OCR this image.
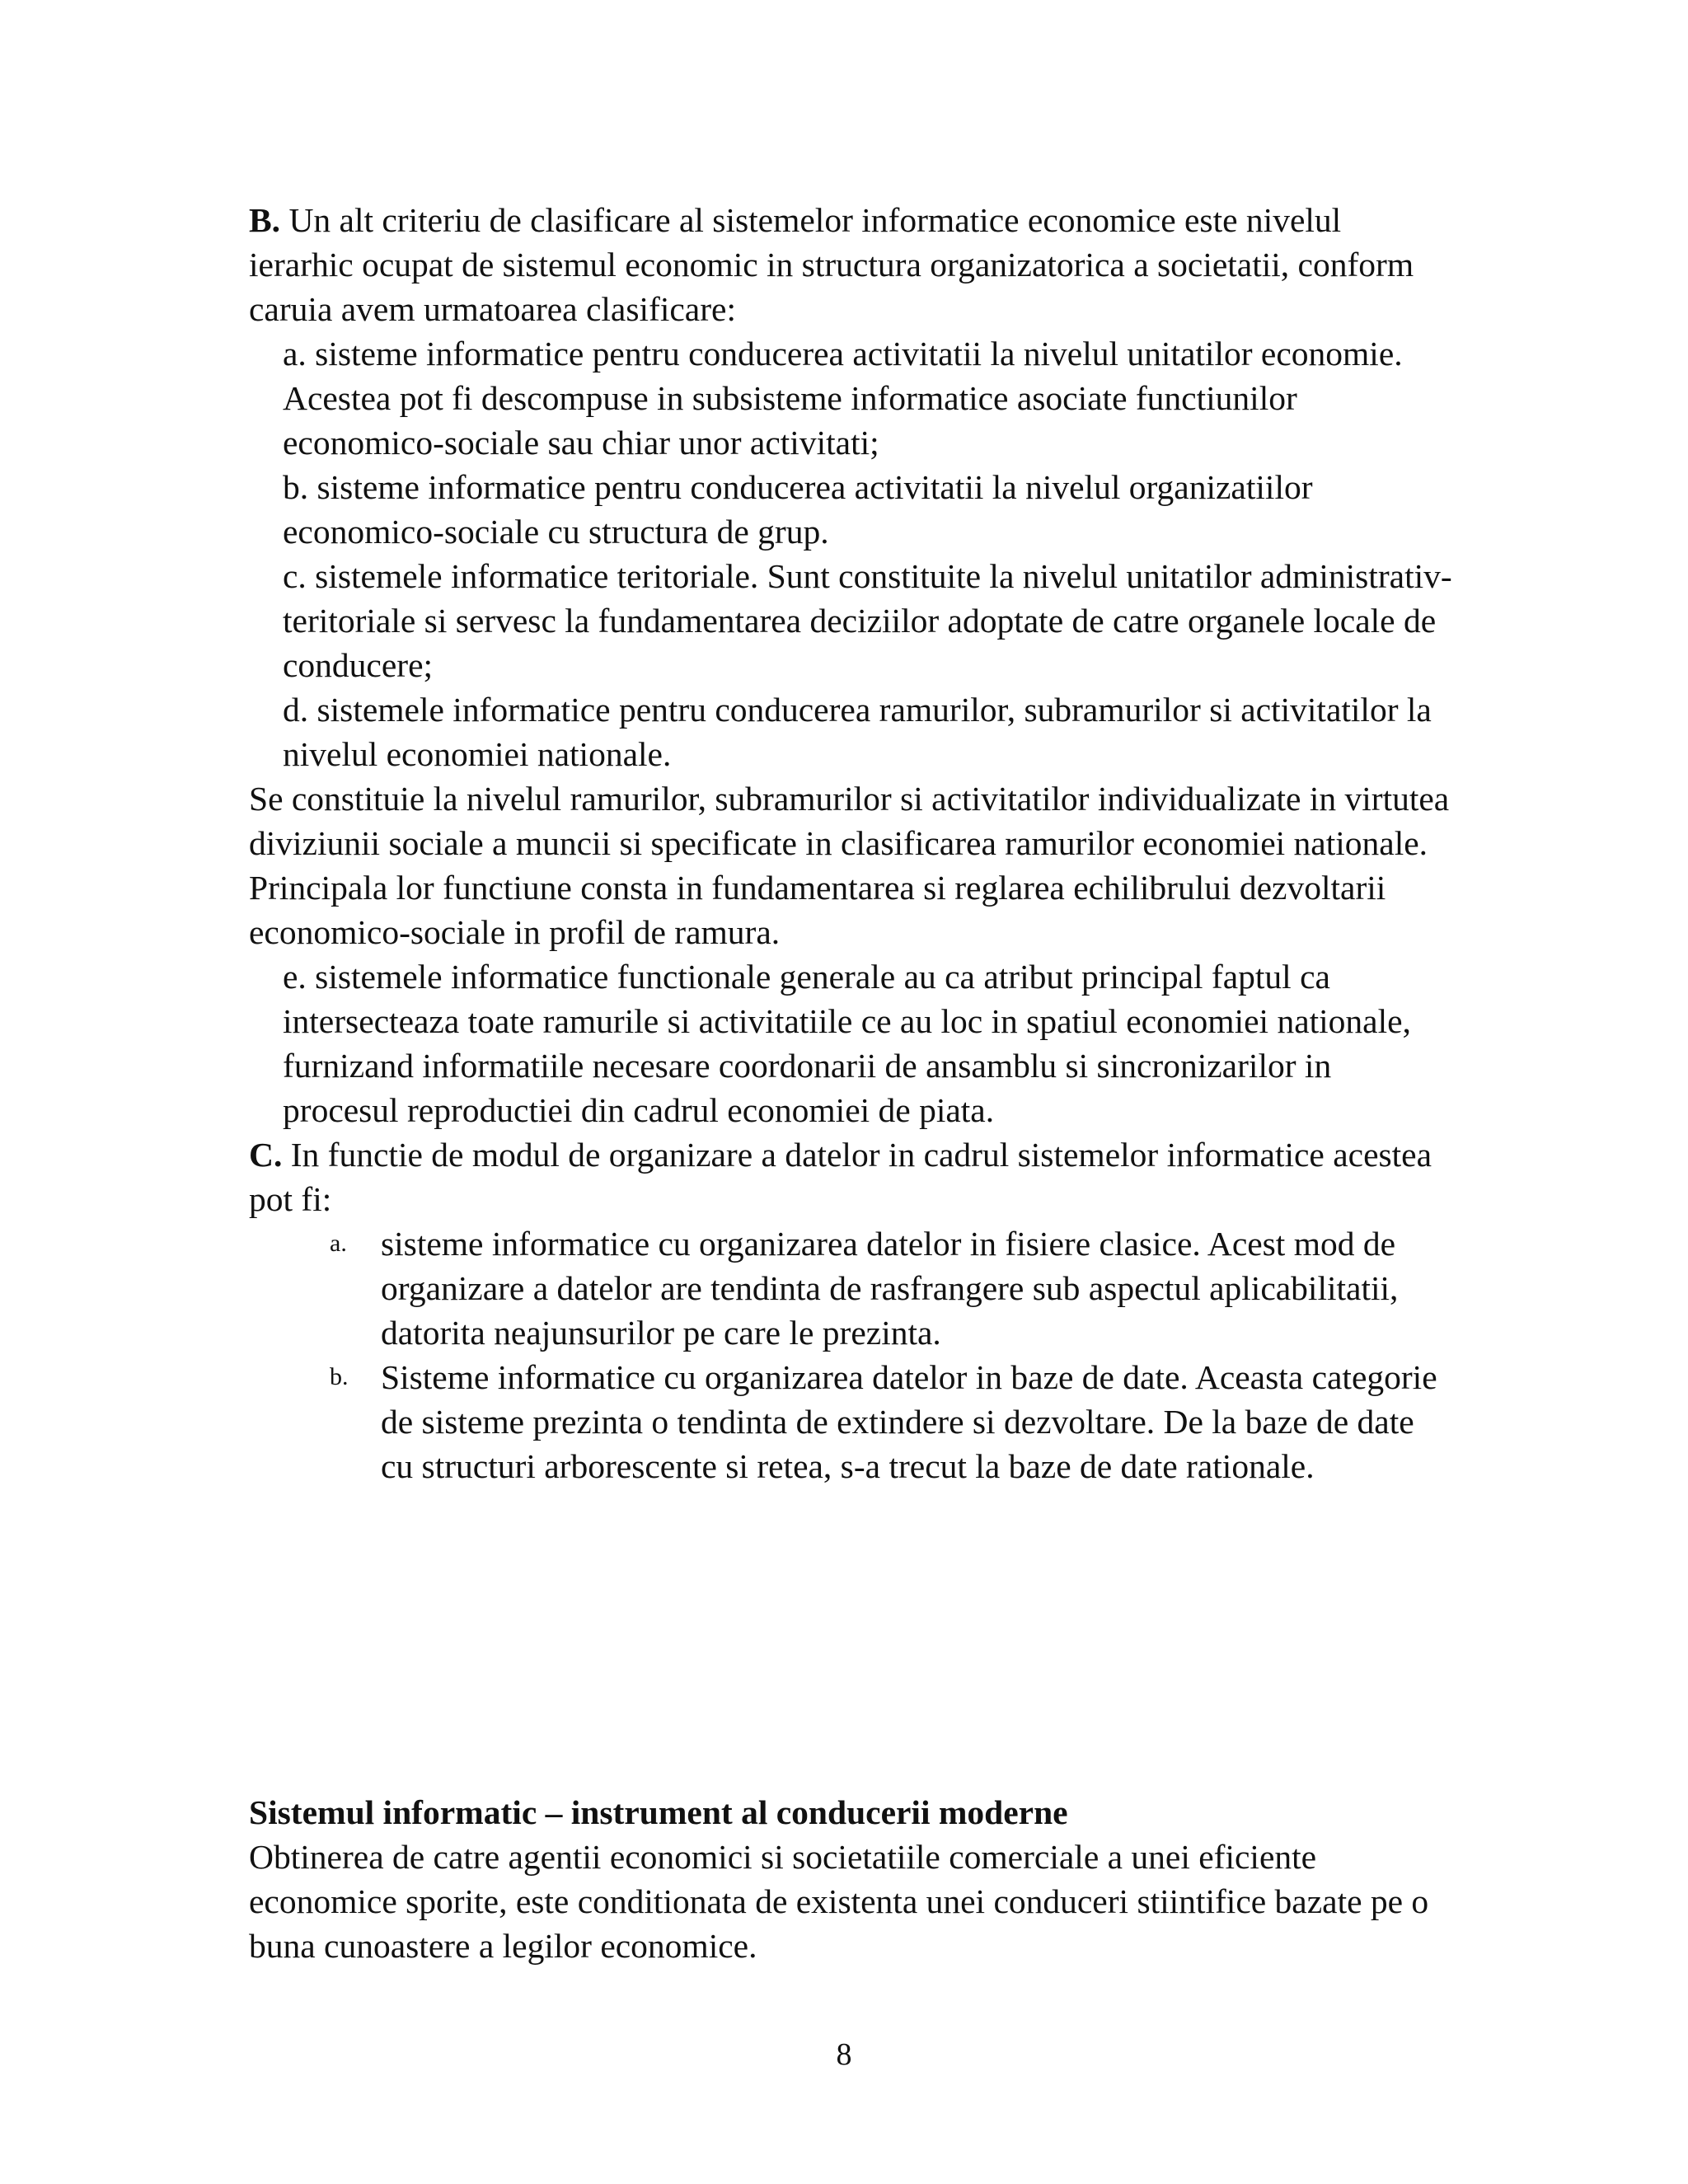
B. Un alt criteriu de clasificare al sistemelor informatice economice este nivelul ierarhic ocupat de sistemul economic in structura organizatorica a societatii, conform caruia avem urmatoarea clasificare:

a. sisteme informatice pentru conducerea activitatii la nivelul unitatilor economie. Acestea pot fi descompuse in subsisteme informatice asociate functiunilor economico-sociale sau chiar unor activitati;

b. sisteme informatice pentru conducerea activitatii la nivelul organizatiilor economico-sociale cu structura de grup.

c. sistemele informatice teritoriale. Sunt constituite la nivelul unitatilor administrativ-teritoriale si servesc la fundamentarea deciziilor adoptate de catre organele locale de conducere;

d. sistemele informatice pentru conducerea ramurilor, subramurilor si activitatilor la nivelul economiei nationale.

Se constituie la nivelul ramurilor, subramurilor si activitatilor individualizate in virtutea diviziunii sociale a muncii si specificate in clasificarea ramurilor economiei nationale. Principala lor functiune consta in fundamentarea si reglarea echilibrului dezvoltarii economico-sociale in profil de ramura.

e. sistemele informatice functionale generale au ca atribut principal faptul ca intersecteaza toate ramurile si activitatiile ce au loc in spatiul economiei nationale, furnizand informatiile necesare coordonarii de ansamblu si sincronizarilor in procesul reproductiei din cadrul economiei de piata.

C. In functie de modul de organizare a datelor in cadrul sistemelor informatice acestea pot fi:

a. sisteme informatice cu organizarea datelor in fisiere clasice. Acest mod de organizare a datelor are tendinta de rasfrangere sub aspectul aplicabilitatii, datorita neajunsurilor pe care le prezinta.
b. Sisteme informatice cu organizarea datelor in baze de date. Aceasta categorie de sisteme prezinta o tendinta de extindere si dezvoltare. De la baze de date cu structuri arborescente si retea, s-a trecut la baze de date rationale.
Sistemul informatic – instrument al conducerii moderne

Obtinerea de catre agentii economici si societatiile comerciale a unei eficiente economice sporite, este conditionata de existenta unei conduceri stiintifice bazate pe o buna cunoastere a legilor economice.

8
